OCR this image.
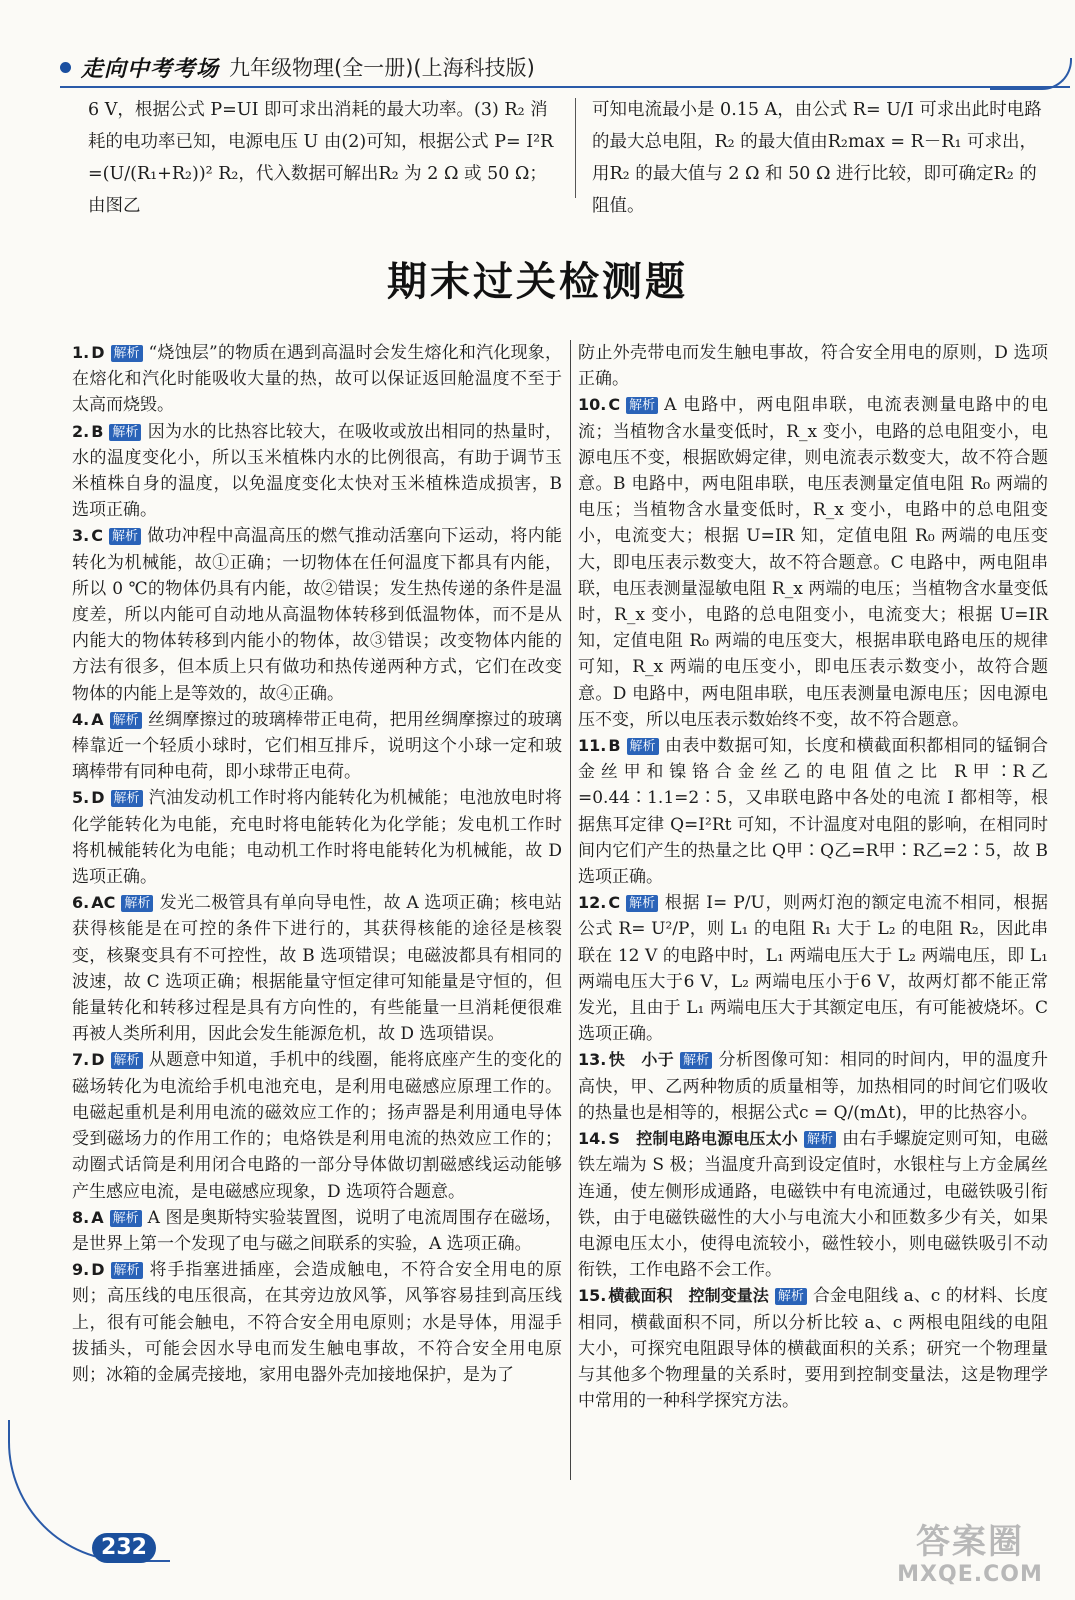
走向中考考场 九年级物理(全一册)(上海科技版)
6 V，根据公式 P=UI 即可求出消耗的最大功率。(3) R₂ 消耗的电功率已知，电源电压 U 由(2)可知，根据公式 P= I²R =(U/(R₁+R₂))² R₂，代入数据可解出R₂ 为 2 Ω 或 50 Ω；由图乙
可知电流最小是 0.15 A，由公式 R= U/I 可求出此时电路的最大总电阻，R₂ 的最大值由R₂max = R－R₁ 可求出，用R₂ 的最大值与 2 Ω 和 50 Ω 进行比较，即可确定R₂ 的阻值。
期末过关检测题
1. D 解析 “烧蚀层”的物质在遇到高温时会发生熔化和汽化现象，在熔化和汽化时能吸收大量的热，故可以保证返回舱温度不至于太高而烧毁。
2. B 解析 因为水的比热容比较大，在吸收或放出相同的热量时，水的温度变化小，所以玉米植株内水的比例很高，有助于调节玉米植株自身的温度，以免温度变化太快对玉米植株造成损害，B 选项正确。
3. C 解析 做功冲程中高温高压的燃气推动活塞向下运动，将内能转化为机械能，故①正确；一切物体在任何温度下都具有内能，所以 0 ℃的物体仍具有内能，故②错误；发生热传递的条件是温度差，所以内能可自动地从高温物体转移到低温物体，而不是从内能大的物体转移到内能小的物体，故③错误；改变物体内能的方法有很多，但本质上只有做功和热传递两种方式，它们在改变物体的内能上是等效的，故④正确。
4. A 解析 丝绸摩擦过的玻璃棒带正电荷，把用丝绸摩擦过的玻璃棒靠近一个轻质小球时，它们相互排斥，说明这个小球一定和玻璃棒带有同种电荷，即小球带正电荷。
5. D 解析 汽油发动机工作时将内能转化为机械能；电池放电时将化学能转化为电能，充电时将电能转化为化学能；发电机工作时将机械能转化为电能；电动机工作时将电能转化为机械能，故 D 选项正确。
6. AC 解析 发光二极管具有单向导电性，故 A 选项正确；核电站获得核能是在可控的条件下进行的，其获得核能的途径是核裂变，核聚变具有不可控性，故 B 选项错误；电磁波都具有相同的波速，故 C 选项正确；根据能量守恒定律可知能量是守恒的，但能量转化和转移过程是具有方向性的，有些能量一旦消耗便很难再被人类所利用，因此会发生能源危机，故 D 选项错误。
7. D 解析 从题意中知道，手机中的线圈，能将底座产生的变化的磁场转化为电流给手机电池充电，是利用电磁感应原理工作的。电磁起重机是利用电流的磁效应工作的；扬声器是利用通电导体受到磁场力的作用工作的；电烙铁是利用电流的热效应工作的；动圈式话筒是利用闭合电路的一部分导体做切割磁感线运动能够产生感应电流，是电磁感应现象，D 选项符合题意。
8. A 解析 A 图是奥斯特实验装置图，说明了电流周围存在磁场，是世界上第一个发现了电与磁之间联系的实验，A 选项正确。
9. D 解析 将手指塞进插座，会造成触电，不符合安全用电的原则；高压线的电压很高，在其旁边放风筝，风筝容易挂到高压线上，很有可能会触电，不符合安全用电原则；水是导体，用湿手拔插头，可能会因水导电而发生触电事故，不符合安全用电原则；冰箱的金属壳接地，家用电器外壳加接地保护，是为了
防止外壳带电而发生触电事故，符合安全用电的原则，D 选项正确。
10. C 解析 A 电路中，两电阻串联，电流表测量电路中的电流；当植物含水量变低时，R_x 变小，电路的总电阻变小，电源电压不变，根据欧姆定律，则电流表示数变大，故不符合题意。B 电路中，两电阻串联，电压表测量定值电阻 R₀ 两端的电压；当植物含水量变低时，R_x 变小，电路中的总电阻变小，电流变大；根据 U=IR 知，定值电阻 R₀ 两端的电压变大，即电压表示数变大，故不符合题意。C 电路中，两电阻串联，电压表测量湿敏电阻 R_x 两端的电压；当植物含水量变低时，R_x 变小，电路的总电阻变小，电流变大；根据 U=IR 知，定值电阻 R₀ 两端的电压变大，根据串联电路电压的规律可知，R_x 两端的电压变小，即电压表示数变小，故符合题意。D 电路中，两电阻串联，电压表测量电源电压；因电源电压不变，所以电压表示数始终不变，故不符合题意。
11. B 解析 由表中数据可知，长度和横截面积都相同的锰铜合金丝甲和镍铬合金丝乙的电阻值之比 R甲∶R乙 =0.44∶1.1=2∶5，又串联电路中各处的电流 I 都相等，根据焦耳定律 Q=I²Rt 可知，不计温度对电阻的影响，在相同时间内它们产生的热量之比 Q甲∶Q乙=R甲∶R乙=2∶5，故 B 选项正确。
12. C 解析 根据 I= P/U，则两灯泡的额定电流不相同，根据公式 R= U²/P，则 L₁ 的电阻 R₁ 大于 L₂ 的电阻 R₂，因此串联在 12 V 的电路中时，L₁ 两端电压大于 L₂ 两端电压，即 L₁ 两端电压大于6 V，L₂ 两端电压小于6 V，故两灯都不能正常发光，且由于 L₁ 两端电压大于其额定电压，有可能被烧坏。C 选项正确。
13. 快　小于 解析 分析图像可知：相同的时间内，甲的温度升高快，甲、乙两种物质的质量相等，加热相同的时间它们吸收的热量也是相等的，根据公式c = Q/(mΔt)，甲的比热容小。
14. S　控制电路电源电压太小 解析 由右手螺旋定则可知，电磁铁左端为 S 极；当温度升高到设定值时，水银柱与上方金属丝连通，使左侧形成通路，电磁铁中有电流通过，电磁铁吸引衔铁，由于电磁铁磁性的大小与电流大小和匝数多少有关，如果电源电压太小，使得电流较小，磁性较小，则电磁铁吸引不动衔铁，工作电路不会工作。
15. 横截面积　控制变量法 解析 合金电阻线 a、c 的材料、长度相同，横截面积不同，所以分析比较 a、c 两根电阻线的电阻大小，可探究电阻跟导体的横截面积的关系；研究一个物理量与其他多个物理量的关系时，要用到控制变量法，这是物理学中常用的一种科学探究方法。
232	答案圈
MXQE.COM
